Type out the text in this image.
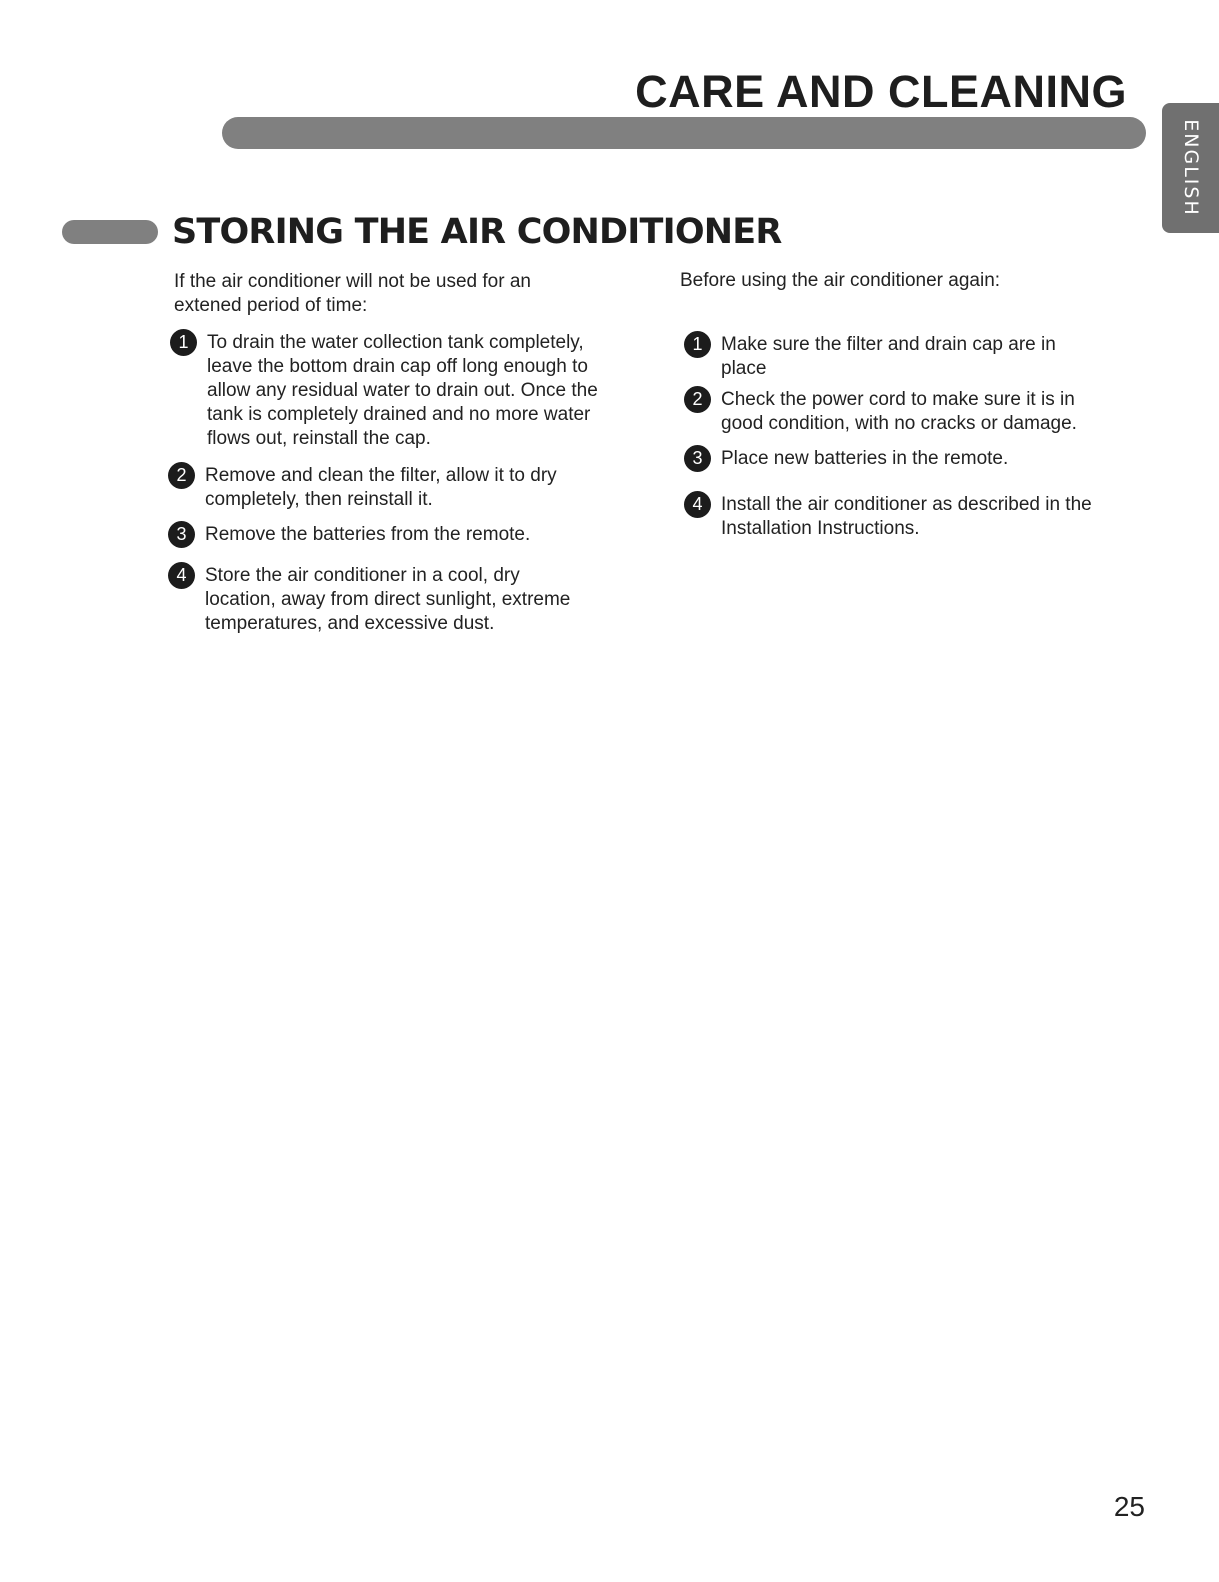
CARE AND CLEANING
ENGLISH
STORING THE AIR CONDITIONER
If the air conditioner will not be used for an extened period of time:
1 To drain the water collection tank completely, leave the bottom drain cap off long enough to allow any residual water to drain out. Once the tank is completely drained and no more water flows out, reinstall the cap.
2 Remove and clean the filter, allow it to dry completely, then reinstall it.
3 Remove the batteries from the remote.
4 Store the air conditioner in a cool, dry location, away from direct sunlight, extreme temperatures, and excessive dust.
Before using the air conditioner again:
1 Make sure the filter and drain cap are in place
2 Check the power cord to make sure it is in good condition, with no cracks or damage.
3 Place new batteries in the remote.
4 Install the air conditioner as described in the Installation Instructions.
25
